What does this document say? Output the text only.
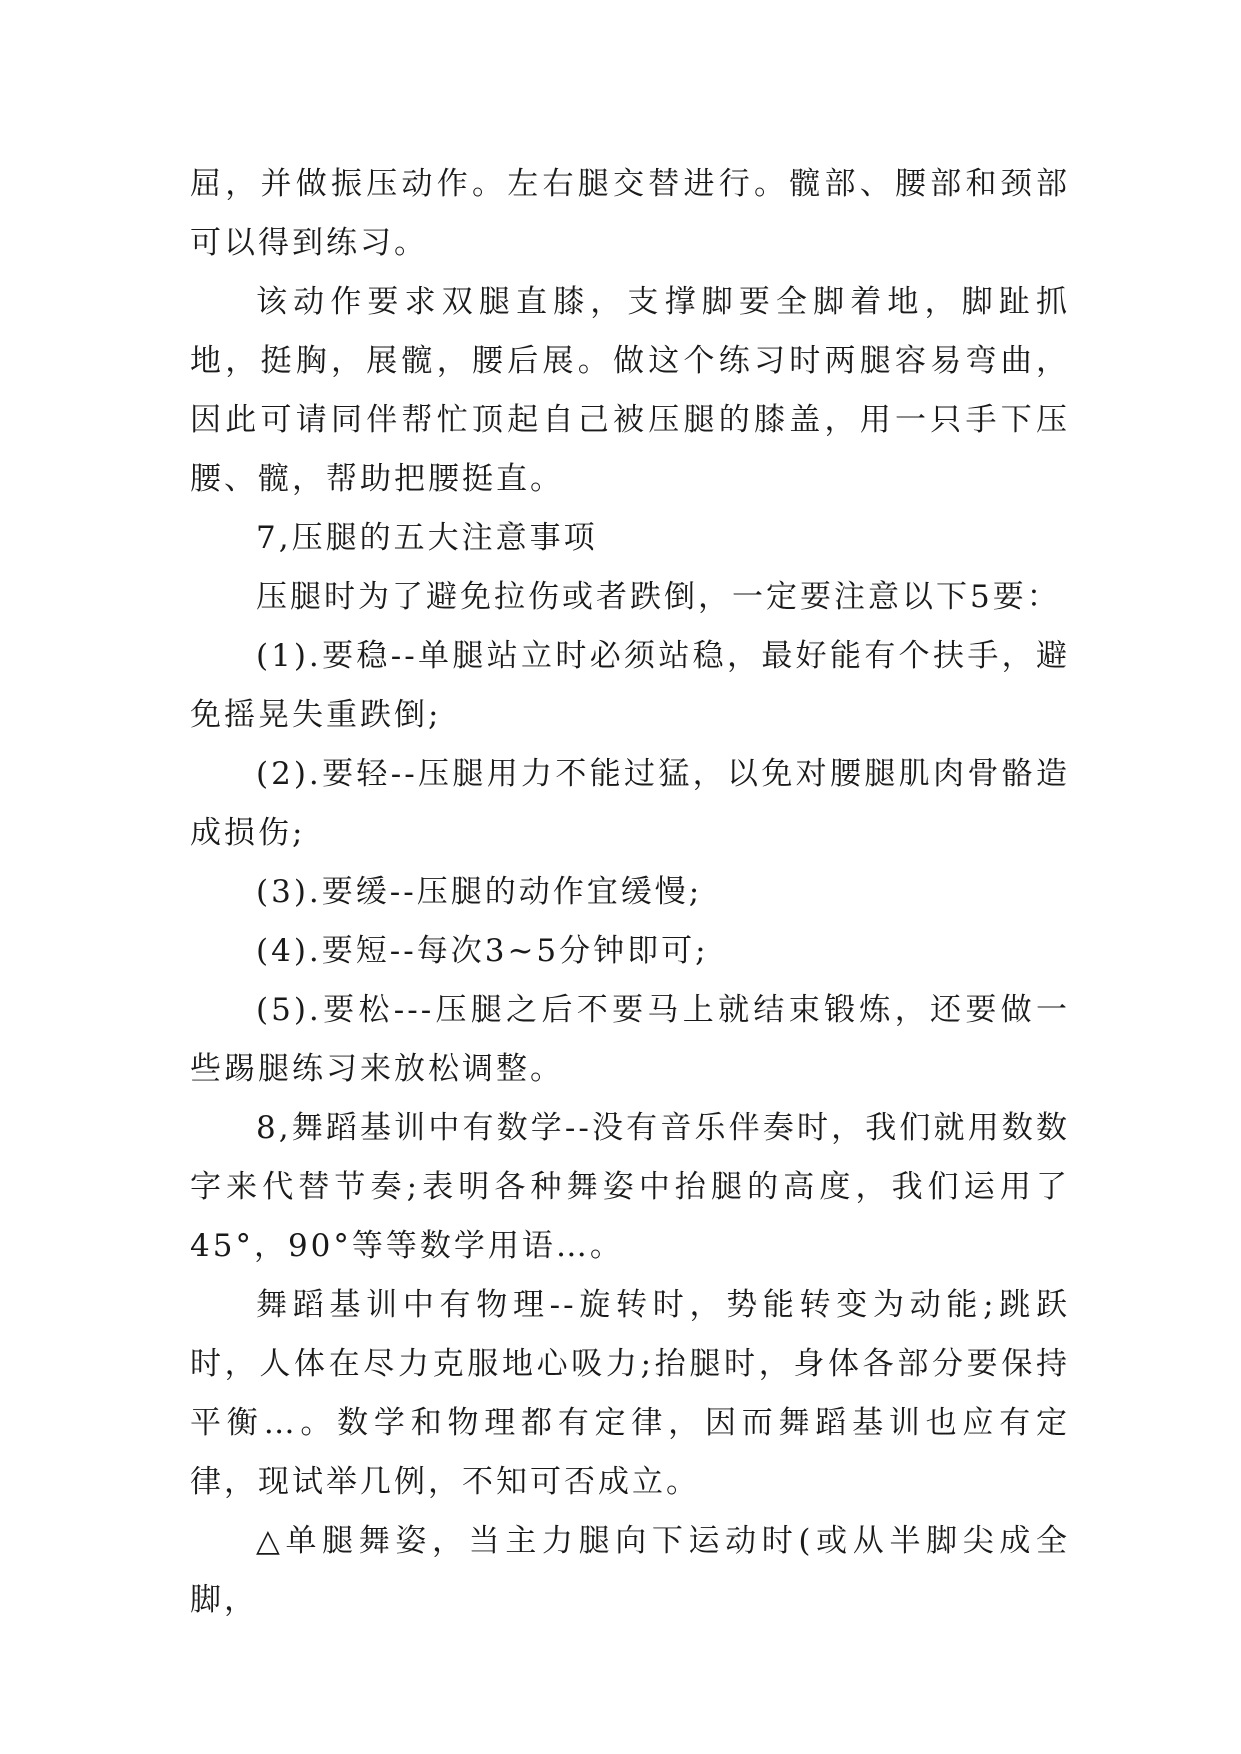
屈，并做振压动作。左右腿交替进行。髋部、腰部和颈部可以得到练习。

该动作要求双腿直膝，支撑脚要全脚着地，脚趾抓地，挺胸，展髋，腰后展。做这个练习时两腿容易弯曲，因此可请同伴帮忙顶起自己被压腿的膝盖，用一只手下压腰、髋，帮助把腰挺直。

7,压腿的五大注意事项

压腿时为了避免拉伤或者跌倒，一定要注意以下5要：

(1).要稳--单腿站立时必须站稳，最好能有个扶手，避免摇晃失重跌倒;

(2).要轻--压腿用力不能过猛，以免对腰腿肌肉骨骼造成损伤;

(3).要缓--压腿的动作宜缓慢;

(4).要短--每次3~5分钟即可;

(5).要松---压腿之后不要马上就结束锻炼，还要做一些踢腿练习来放松调整。

8,舞蹈基训中有数学--没有音乐伴奏时，我们就用数数字来代替节奏;表明各种舞姿中抬腿的高度，我们运用了45°，90°等等数学用语…。

舞蹈基训中有物理--旋转时，势能转变为动能;跳跃时，人体在尽力克服地心吸力;抬腿时，身体各部分要保持平衡…。数学和物理都有定律，因而舞蹈基训也应有定律，现试举几例，不知可否成立。

△单腿舞姿，当主力腿向下运动时(或从半脚尖成全脚，
